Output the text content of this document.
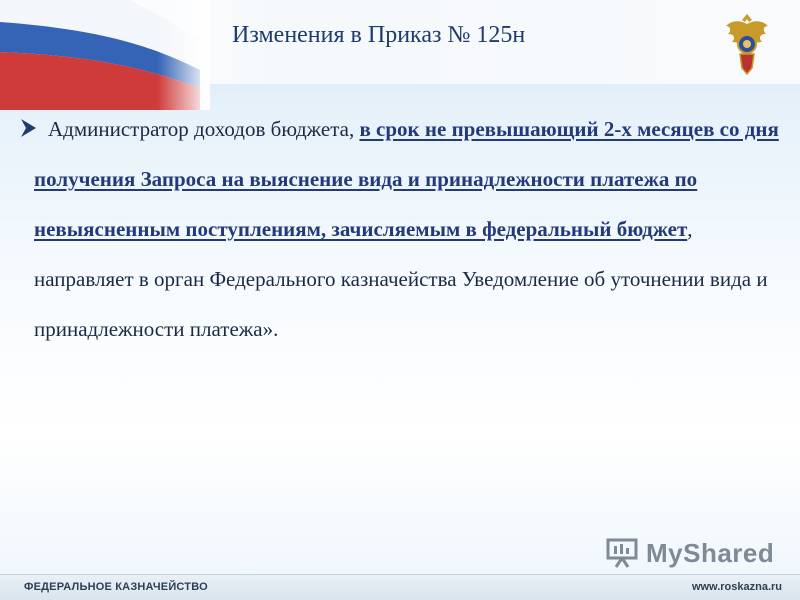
Изменения в Приказ № 125н

Администратор доходов бюджета, в срок не превышающий 2-х месяцев со дня получения Запроса на выяснение вида и принадлежности платежа по невыясненным поступлениям, зачисляемым в федеральный бюджет, направляет в орган Федерального казначейства Уведомление об уточнении вида и принадлежности платежа».

MyShared
ФЕДЕРАЛЬНОЕ КАЗНАЧЕЙСТВО	www.roskazna.ru
